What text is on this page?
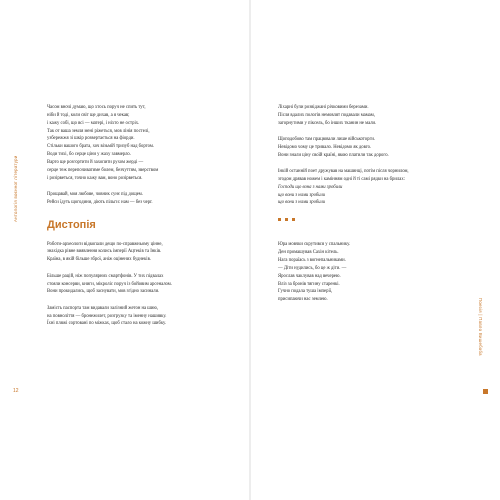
Антологія воєнної літератури
12
Часом вночі думаю, що хтось поруч не спить тут,
ніби й тоді, коли світ ще дихав, а я чекав;
і кажу собі, що всі — матері, і ніхто не остріх.
Так от ваша земля мені ріжеться, мов лінія постелі,
узбережжя зі шкір розвертається на фіорди.
Стільки вашого брата, хоч візьмій тризуб над бортом.
Води тихі, бо серце ціни у жаху завмерло.
Варто ще розгортити й захопити рухом жерді —
серце теж перепочиватиме болем, безчуттям, зверством
і розірветься, точно кажу вам, воно розірветься.
Прощавай, моя любове, човник сунє під дощем.
Рейси їдуть щогодини, діють пільги: нам — без черг.
Дистопія
Роботи-археологи відкопали дещо по-справжньому цінне,
знахідка рівне виявлення колись імперії Ацтеків та Інків.
Країна, в якій більше зброї, аніж оцінених буднеків.
Більше рацій, ніж популярних смартфонів. У тих підвалах
стояли консерви, книги, мікроліс поруч із бойовим арсеналом.
Вони прокидались, щоб заснувати, мов згідно засинали.
Замість паспорта там видавали залізний жетон на шию,
на повноліття — бронежилет, розгрузку та іменну нашивку.
Їхні пляжі сортовані по міжках, щоб стало на кожну шибку.
Ліхарні були розвіджані річковими березами.
Після вдалих пологів немовлят подавали мамам,
загорнутими у піксель, бо інших тканин не мали.
Щоподобово там працювали лише військоторги.
Невідомо чому це тривало. Невідомо як довго.
Вони знали ціну своїй країні, якою платили так дорого.
Інкій останній поет дружував на машинці, потім після чорнилом,
згодом дрявав ножем і камінням одні й ті самі рядки на брилах:
Господи що вона з нами зробили
що вони з нами зробили
що вони з нами зробили
Юра мовчки скрутився у спальнику.
Ден промашував Сахін кітель.
Нагa пораїась з вогнепальниками.
— Діти нудились, бо це ж діти. —
Ярослав чаклував над вечерею.
Вліз за бронів тягину старенкі.
Гучно подала туша імперії,
присипаючи нас землею.	Поезія | Павло Вишебаба
